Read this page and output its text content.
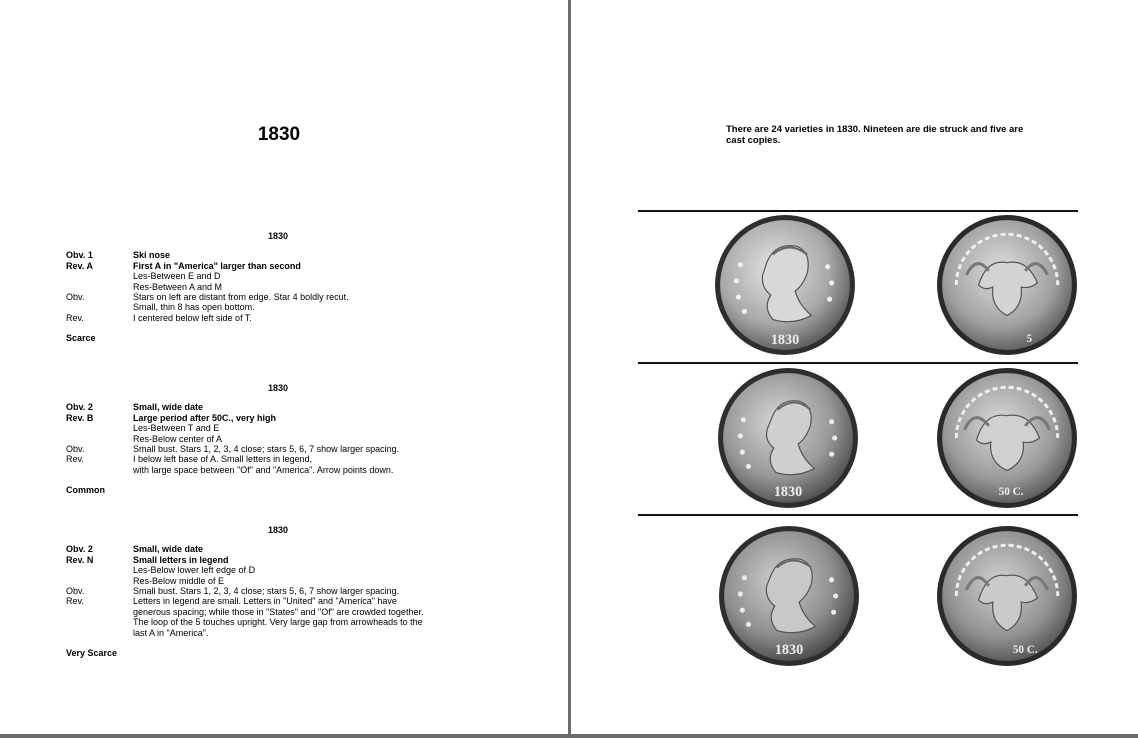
1830
1830
Obv. 1	Ski nose
Rev. A	First A in "America" larger than second
Les-Between E and D
Res-Between A and M
Obv.	Stars on left are distant from edge. Star 4 boldly recut.
Small, thin 8 has open bottom.
Rev.	I centered below left side of T.
Scarce
1830
Obv. 2	Small, wide date
Rev. B	Large period after 50C., very high
Les-Between T and E
Res-Below center of A
Obv.	Small bust. Stars 1, 2, 3, 4 close; stars 5, 6, 7 show larger spacing.
Rev.	I below left base of A. Small letters in legend,
with large space between "Of" and "America". Arrow points down.
Common
1830
Obv. 2	Small, wide date
Rev. N	Small letters in legend
Les-Below lower left edge of D
Res-Below middle of E
Obv.	Small bust. Stars 1, 2, 3, 4 close; stars 5, 6, 7 show larger spacing.
Rev.	Letters in legend are small. Letters in "United" and "America" have
generous spacing; while those in "States" and "Of" are crowded together.
The loop of the 5 touches upright. Very large gap from arrowheads to the
last A in "America".
Very Scarce
There are 24 varieties in 1830. Nineteen are die struck and five are cast copies.
1830	5
1830	50 C.
1830	50 C.
